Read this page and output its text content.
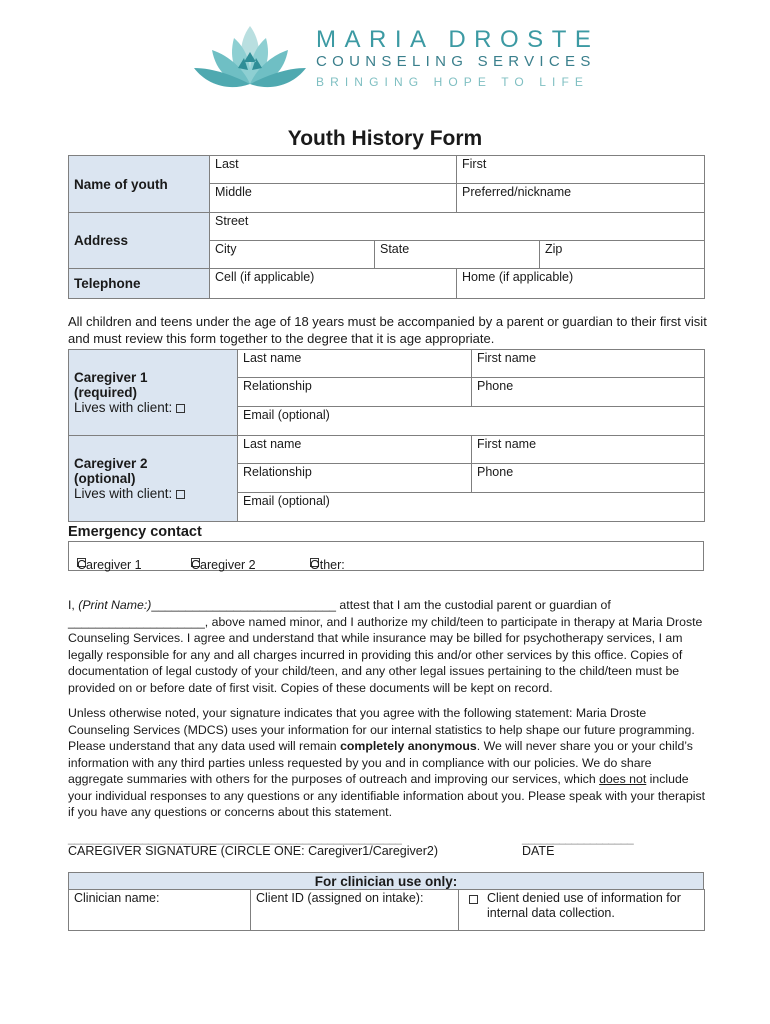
MARIA DROSTE
COUNSELING SERVICES
BRINGING HOPE TO LIFE
Youth History Form
Name of youth	Last		First
	Middle		Preferred/nickname
Address	Street		
	City	State Zip	

Telephone	Cell (if applicable)		Home (if applicable)
All children and teens under the age of 18 years must be accompanied by a parent or guardian to their first visit and must review this form together to the degree that it is age appropriate.
Caregiver 1
(required)
Lives with client:	Last name	First name
	Relationship	Phone
	Email (optional)	

Caregiver 2
(optional)
Lives with client:	Last name	First name
	Relationship	Phone
	Email (optional)	
Emergency contact
Caregiver 1	Caregiver 2	Other:
I, (Print Name:)___________________________ attest that I am the custodial parent or guardian of ____________________, above named minor, and I authorize my child/teen to participate in therapy at Maria Droste Counseling Services. I agree and understand that while insurance may be billed for psychotherapy services, I am legally responsible for any and all charges incurred in providing this and/or other services by this office. Copies of documentation of legal custody of your child/teen, and any other legal issues pertaining to the child/teen must be provided on or before date of first visit. Copies of these documents will be kept on record.
Unless otherwise noted, your signature indicates that you agree with the following statement: Maria Droste Counseling Services (MDCS) uses your information for our internal statistics to help shape our future programming. Please understand that any data used will remain completely anonymous. We will never share you or your child’s information with any third parties unless requested by you and in compliance with our policies. We do share aggregate summaries with others for the purposes of outreach and improving our services, which does not include your individual responses to any questions or any identifiable information about you. Please speak with your therapist if you have any questions or concerns about this statement.
______________________________________________________	__________________
CAREGIVER SIGNATURE (CIRCLE ONE: Caregiver1/Caregiver2)	DATE
For clinician use only:
Clinician name:	Client ID (assigned on intake):	Client denied use of information for internal data collection.
